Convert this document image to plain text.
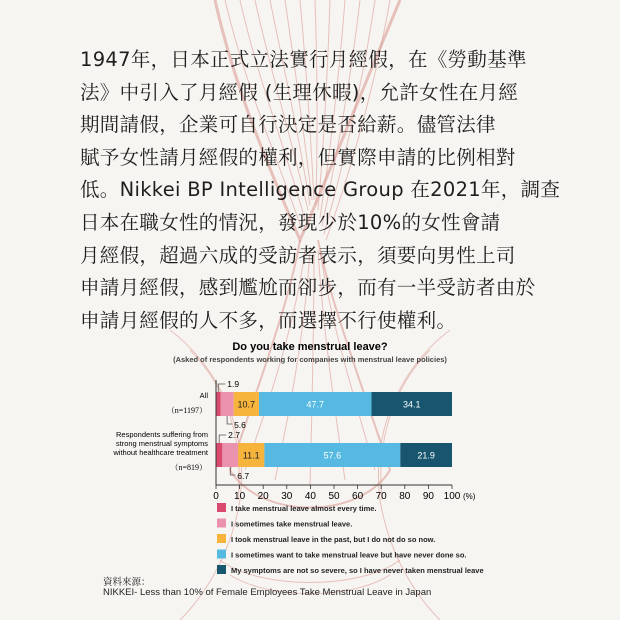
1947年，日本正式立法實行月經假，在《勞動基準
法》中引入了月經假 (生理休暇)，允許女性在月經
期間請假，企業可自行決定是否給薪。儘管法律
賦予女性請月經假的權利，但實際申請的比例相對
低。Nikkei BP Intelligence Group 在2021年，調查
日本在職女性的情況，發現少於10%的女性會請
月經假，超過六成的受訪者表示，須要向男性上司
申請月經假，感到尷尬而卻步，而有一半受訪者由於
申請月經假的人不多，而選擇不行使權利。
Do you take menstrual leave?
(Asked of respondents working for companies with menstrual leave policies)
All
（n=1197）
1.9
5.6
10.7	47.7	34.1
Respondents suffering from
strong menstrual symptoms
without healthcare treatment
（n=819）
2.7
6.7
11.1	57.6	21.9
0 10 20 30 40 50 60 70 80 90 100 (%)
I take menstrual leave almost every time.
I sometimes take menstrual leave.
I took menstrual leave in the past, but I do not do so now.
I sometimes want to take menstrual leave but have never done so.
My symptoms are not so severe, so I have never taken menstrual leave
資料來源：
NIKKEI- Less than 10% of Female Employees Take Menstrual Leave in Japan
